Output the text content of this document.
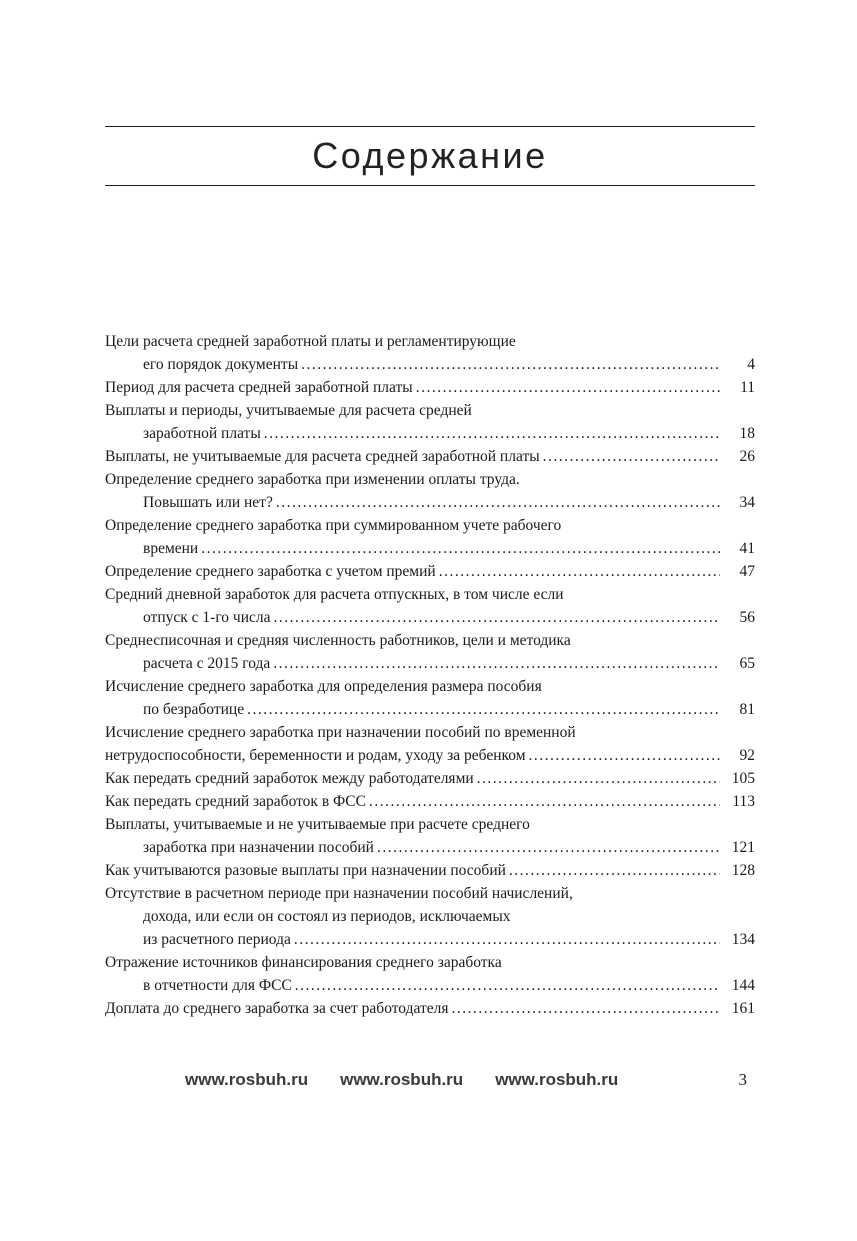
Содержание
Цели расчета средней заработной платы и регламентирующие
его порядок документы .....	4
Период для расчета средней заработной платы .....	11
Выплаты и периоды, учитываемые для расчета средней
заработной платы .....	18
Выплаты, не учитываемые для расчета средней заработной платы .....	26
Определение среднего заработка при изменении оплаты труда.
Повышать или нет? .....	34
Определение среднего заработка при суммированном учете рабочего
времени .....	41
Определение среднего заработка с учетом премий .....	47
Средний дневной заработок для расчета отпускных, в том числе если
отпуск с 1-го числа .....	56
Среднесписочная и средняя численность работников, цели и методика
расчета с 2015 года .....	65
Исчисление среднего заработка для определения размера пособия
по безработице .....	81
Исчисление среднего заработка при назначении пособий по временной
нетрудоспособности, беременности и родам, уходу за ребенком .....	92
Как передать средний заработок между работодателями .....	105
Как передать средний заработок в ФСС .....	113
Выплаты, учитываемые и не учитываемые при расчете среднего
заработка при назначении пособий .....	121
Как учитываются разовые выплаты при назначении пособий .....	128
Отсутствие в расчетном периоде при назначении пособий начислений,
дохода, или если он состоял из периодов, исключаемых
из расчетного периода .....	134
Отражение источников финансирования среднего заработка
в отчетности для ФСС .....	144
Доплата до среднего заработка за счет работодателя .....	161
www.rosbuh.ru www.rosbuh.ru www.rosbuh.ru	3
